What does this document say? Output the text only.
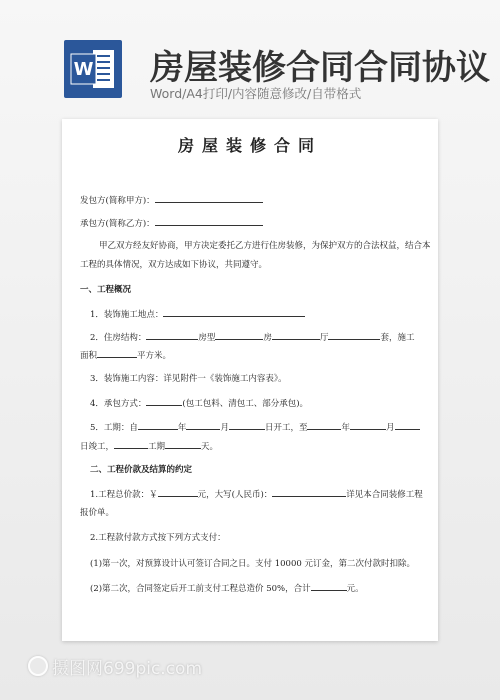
W 房屋装修合同合同协议
Word/A4打印/内容随意修改/自带格式
房屋装修合同
发包方(简称甲方)：
承包方(简称乙方)：
甲乙双方经友好协商，甲方决定委托乙方进行住房装修，为保护双方的合法权益，结合本
工程的具体情况，双方达成如下协议，共同遵守。
一、工程概况
1．装饰施工地点：
2．住房结构：	房型	房	厅	套，施工
面积	平方米。
3．装饰施工内容：详见附件一《装饰施工内容表》。
4．承包方式：	(包工包料、清包工、部分承包)。
5．工期：自	年	月	日开工，至	年	月
日竣工，	工期	天。
二、工程价款及结算的约定
1.工程总价款：￥	元，大写(人民币)：	详见本合同装修工程
报价单。
2.工程款付款方式按下列方式支付：
(1)第一次，对预算设计认可签订合同之日。支付 10000 元订金，第二次付款时扣除。
(2)第二次，合同签定后开工前支付工程总造价 50%，合计	元。
摄图网699pic.com
